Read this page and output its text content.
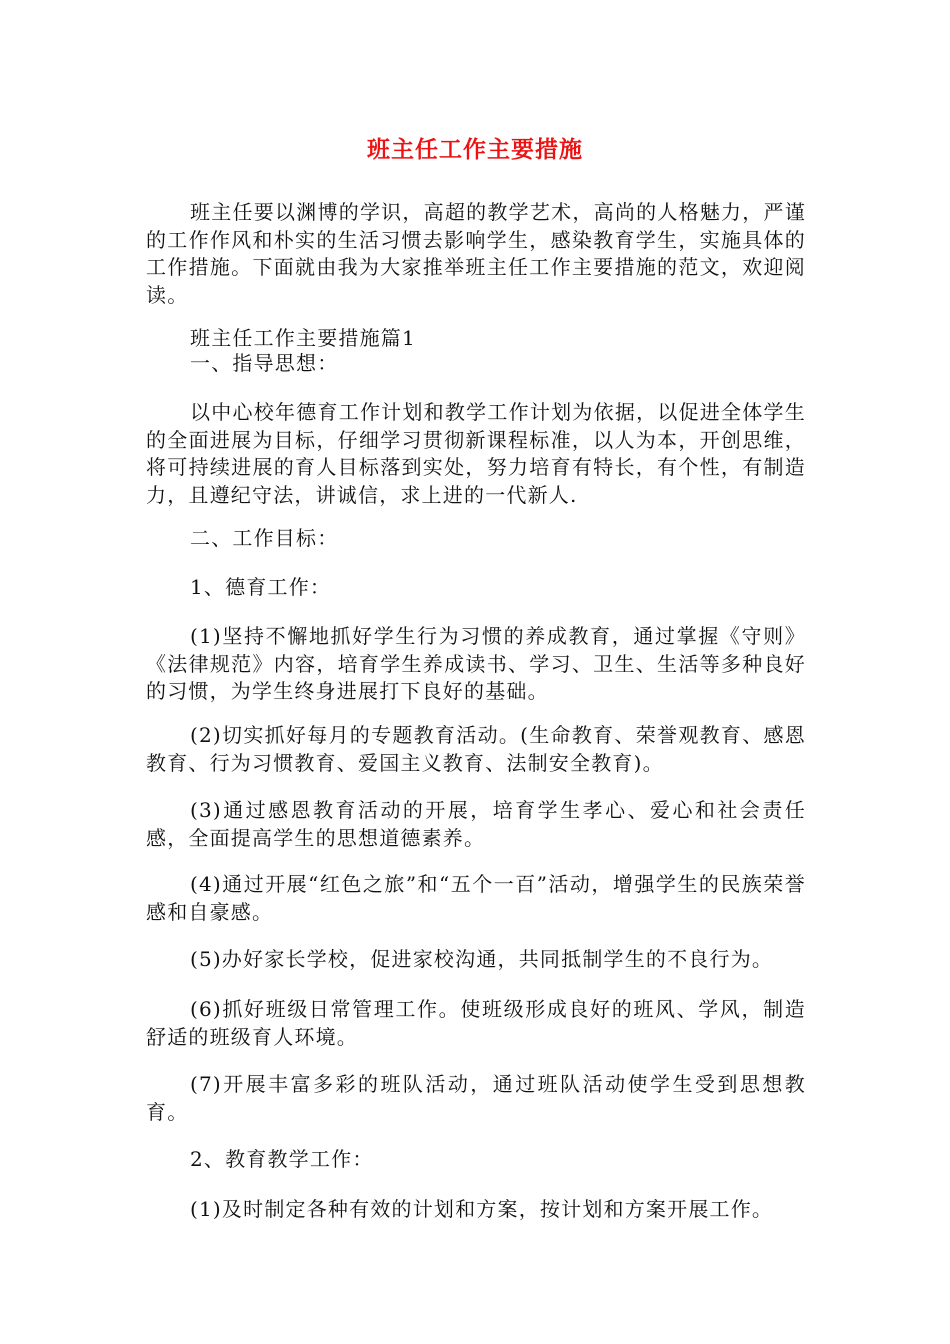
班主任工作主要措施

班主任要以渊博的学识，高超的教学艺术，高尚的人格魅力，严谨的工作作风和朴实的生活习惯去影响学生，感染教育学生，实施具体的工作措施。下面就由我为大家推举班主任工作主要措施的范文，欢迎阅读。

班主任工作主要措施篇1

一、指导思想：

以中心校年德育工作计划和教学工作计划为依据，以促进全体学生的全面进展为目标，仔细学习贯彻新课程标准，以人为本，开创思维，将可持续进展的育人目标落到实处，努力培育有特长，有个性，有制造力，且遵纪守法，讲诚信，求上进的一代新人.

二、工作目标：

1、德育工作：

(1)坚持不懈地抓好学生行为习惯的养成教育，通过掌握《守则》《法律规范》内容，培育学生养成读书、学习、卫生、生活等多种良好的习惯，为学生终身进展打下良好的基础。

(2)切实抓好每月的专题教育活动。(生命教育、荣誉观教育、感恩教育、行为习惯教育、爱国主义教育、法制安全教育)。

(3)通过感恩教育活动的开展，培育学生孝心、爱心和社会责任感，全面提高学生的思想道德素养。

(4)通过开展“红色之旅”和“五个一百”活动，增强学生的民族荣誉感和自豪感。

(5)办好家长学校，促进家校沟通，共同抵制学生的不良行为。

(6)抓好班级日常管理工作。使班级形成良好的班风、学风，制造舒适的班级育人环境。

(7)开展丰富多彩的班队活动，通过班队活动使学生受到思想教育。

2、教育教学工作：

(1)及时制定各种有效的计划和方案，按计划和方案开展工作。
